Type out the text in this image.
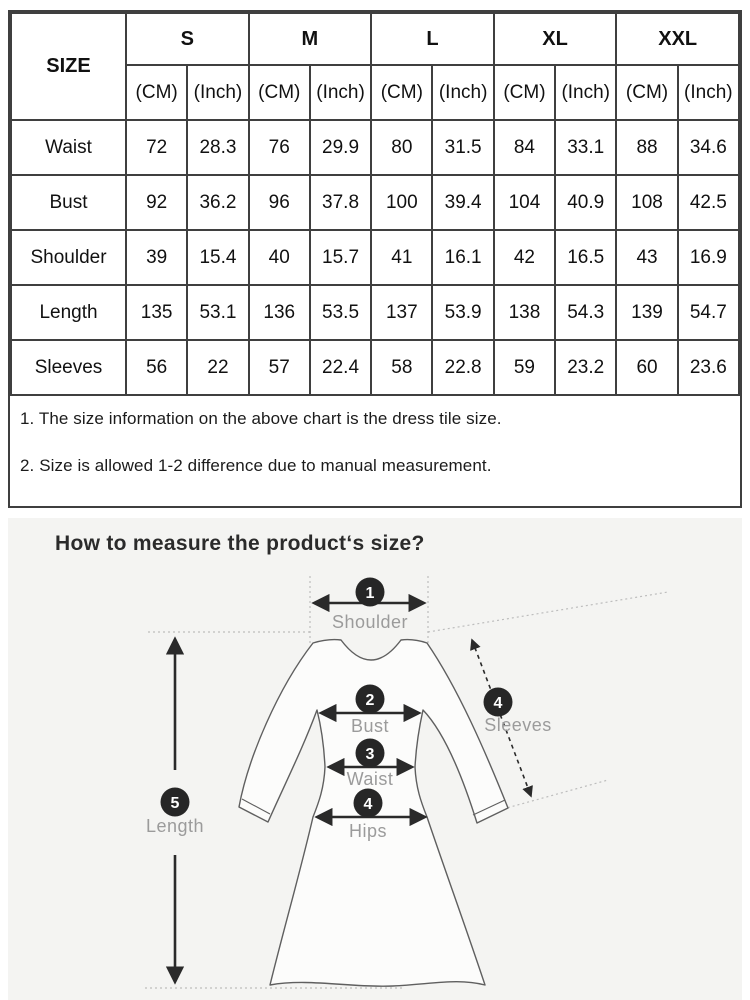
SIZE	S		M		L		XL		XXL	
	(CM)	(Inch)	(CM)	(Inch)	(CM)	(Inch)	(CM)	(Inch)	(CM)	(Inch)
Waist	72	28.3	76	29.9	80	31.5	84	33.1	88	34.6
Bust	92	36.2	96	37.8	100	39.4	104	40.9	108	42.5
Shoulder	39	15.4	40	15.7	41	16.1	42	16.5	43	16.9
Length	135	53.1	136	53.5	137	53.9	138	54.3	139	54.7
Sleeves	56	22	57	22.4	58	22.8	59	23.2	60	23.6

1. The size information on the above chart is the dress tile size.

2. Size is allowed 1-2 difference due to manual measurement.

How to measure the product‘s size?
1
2
3
4
4
5
Shoulder
Bust
Waist
Hips
Sleeves
Length
